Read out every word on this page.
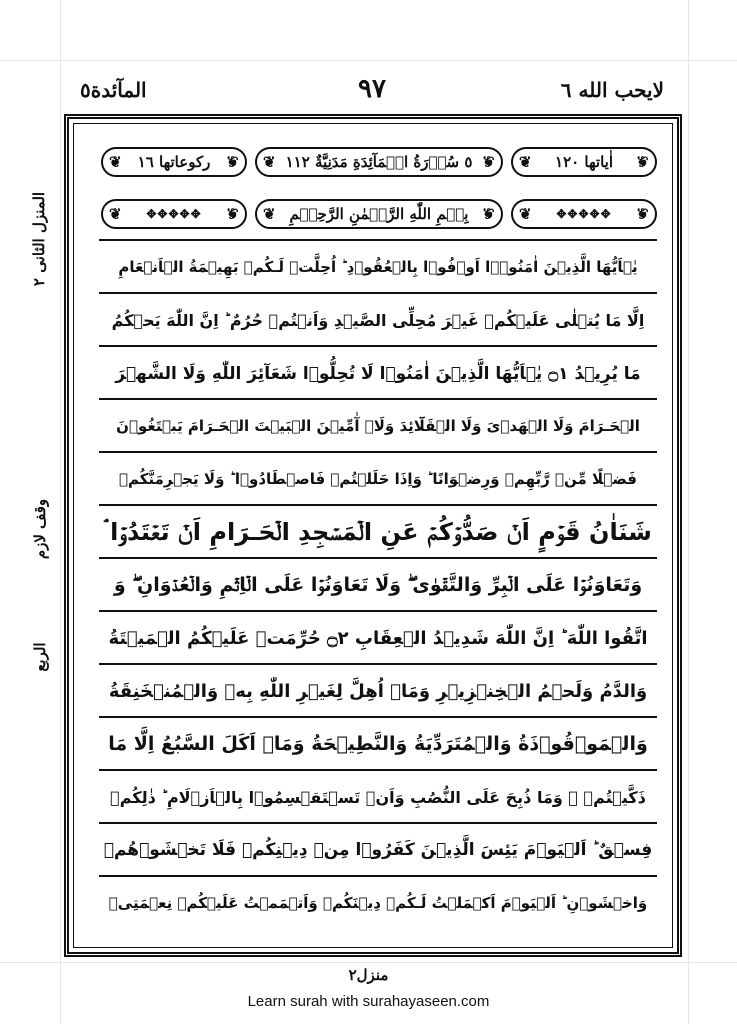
المآئدة٥	٩٧	لايحب الله ٦
المنزل الثانی ٢
وقف لازم
الربع
❦ ركوعاتها ١٦
❦	❦ ٥ سُوۡرَةُ الۡمَآئِدَةِ مَدَنِيَّةٌ ١١٢
❦	❦ اٰياتها ١٢٠
❦
❦ ✥✥✥✥✥ ❦	❦ بِسۡمِ اللّٰهِ الرَّحۡمٰنِ الرَّحِيۡمِ
❦	❦ ✥✥✥✥✥ ❦
يٰۤاَيُّهَا الَّذِيۡنَ اٰمَنُوۡۤا اَوۡفُوۡا بِالۡعُقُوۡدِ ؕ اُحِلَّتۡ لَـكُمۡ بَهِيۡمَةُ الۡاَنۡعَامِ
اِلَّا مَا يُتۡلٰى عَلَيۡكُمۡ غَيۡرَ مُحِلِّى الصَّيۡدِ وَاَنۡتُمۡ حُرُمٌ ؕ اِنَّ اللّٰهَ يَحۡكُمُ
مَا يُرِيۡدُ ۝١ يٰۤاَيُّهَا الَّذِيۡنَ اٰمَنُوۡا لَا تُحِلُّوۡا شَعَآئِرَ اللّٰهِ وَلَا الشَّهۡرَ
الۡحَـرَامَ وَلَا الۡهَدۡىَ وَلَا الۡقَلَٓائِدَ وَلَاۤ آٰمِّيۡنَ الۡبَيۡتَ الۡحَـرَامَ يَبۡتَغُوۡنَ
فَضۡلًا مِّنۡ رَّبِّهِمۡ وَرِضۡوَانًا ؕ وَاِذَا حَلَلۡتُمۡ فَاصۡطَادُوۡا ؕ وَلَا يَجۡرِمَنَّكُمۡ
شَنَاٰنُ قَوۡمٍ اَنۡ صَدُّوۡكُمۡ عَنِ الۡمَسۡجِدِ الۡحَـرَامِ اَنۡ تَعۡتَدُوۡا ۘ
وَتَعَاوَنُوۡا عَلَى الۡبِرِّ وَالتَّقۡوٰى ۖ وَلَا تَعَاوَنُوۡا عَلَى الۡاِثۡمِ وَالۡعُدۡوَانِ ۖ وَ
اتَّقُوا اللّٰهَ ؕ اِنَّ اللّٰهَ شَدِيۡدُ الۡعِقَابِ ۝٢ حُرِّمَتۡ عَلَيۡكُمُ الۡمَيۡتَةُ
وَالدَّمُ وَلَحۡمُ الۡخِنۡزِيۡرِ وَمَاۤ اُهِلَّ لِغَيۡرِ اللّٰهِ بِهٖ وَالۡمُنۡخَنِقَةُ
وَالۡمَوۡقُوۡذَةُ وَالۡمُتَرَدِّيَةُ وَالنَّطِيۡحَةُ وَمَاۤ اَكَلَ السَّبُعُ اِلَّا مَا
ذَكَّيۡتُمۡ ۚ وَمَا ذُبِحَ عَلَى النُّصُبِ وَاَنۡ تَسۡتَقۡسِمُوۡا بِالۡاَزۡلَامِ ؕ ذٰلِكُمۡ
فِسۡقٌ ؕ اَلۡيَوۡمَ يَئِسَ الَّذِيۡنَ كَفَرُوۡا مِنۡ دِيۡنِكُمۡ فَلَا تَخۡشَوۡهُمۡ
وَاخۡشَوۡنِ ؕ اَلۡيَوۡمَ اَكۡمَلۡتُ لَـكُمۡ دِيۡنَكُمۡ وَاَتۡمَمۡتُ عَلَيۡكُمۡ نِعۡمَتِىۡ
منزل٢
Learn surah with surahayaseen.com
